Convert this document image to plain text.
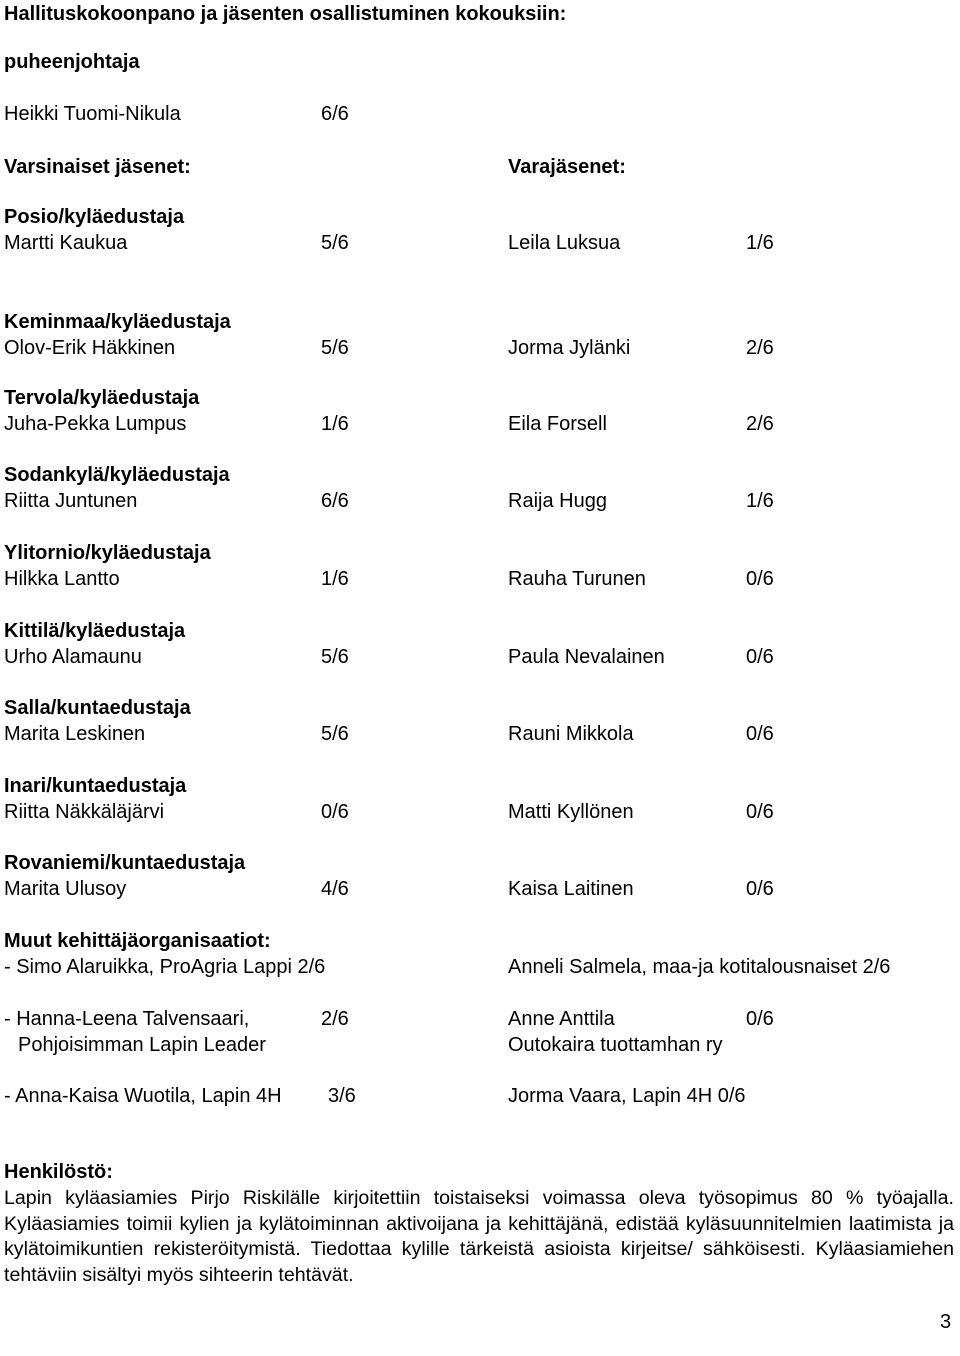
Hallituskokoonpano ja jäsenten osallistuminen kokouksiin:
puheenjohtaja
Heikki Tuomi-Nikula	6/6
Varsinaiset jäsenet:	Varajäsenet:
Posio/kyläedustaja
Martti Kaukua	5/6	Leila Luksua	1/6
Keminmaa/kyläedustaja
Olov-Erik Häkkinen	5/6	Jorma Jylänki	2/6
Tervola/kyläedustaja
Juha-Pekka Lumpus	1/6	Eila Forsell	2/6
Sodankylä/kyläedustaja
Riitta Juntunen	6/6	Raija Hugg	1/6
Ylitornio/kyläedustaja
Hilkka Lantto	1/6	Rauha Turunen	0/6
Kittilä/kyläedustaja
Urho Alamaunu	5/6	Paula Nevalainen	0/6
Salla/kuntaedustaja
Marita Leskinen	5/6	Rauni Mikkola	0/6
Inari/kuntaedustaja
Riitta Näkkäläjärvi	0/6	Matti Kyllönen	0/6
Rovaniemi/kuntaedustaja
Marita Ulusoy	4/6	Kaisa Laitinen	0/6
Muut kehittäjäorganisaatiot:
- Simo Alaruikka, ProAgria Lappi 2/6	Anneli Salmela, maa-ja kotitalousnaiset 2/6
- Hanna-Leena Talvensaari,	2/6	Anne Anttila	0/6
Pohjoisimman Lapin Leader	Outokaira tuottamhan ry
- Anna-Kaisa Wuotila, Lapin 4H 3/6	Jorma Vaara, Lapin 4H 0/6
Henkilöstö:
Lapin kyläasiamies Pirjo Riskilälle kirjoitettiin toistaiseksi voimassa oleva työsopimus 80 % työajalla. Kyläasiamies toimii kylien ja kylätoiminnan aktivoijana ja kehittäjänä, edistää kyläsuunnitelmien laatimista ja kylätoimikuntien rekisteröitymistä. Tiedottaa kylille tärkeistä asioista kirjeitse/ sähköisesti. Kyläasiamiehen tehtäviin sisältyi myös sihteerin tehtävät.
3
